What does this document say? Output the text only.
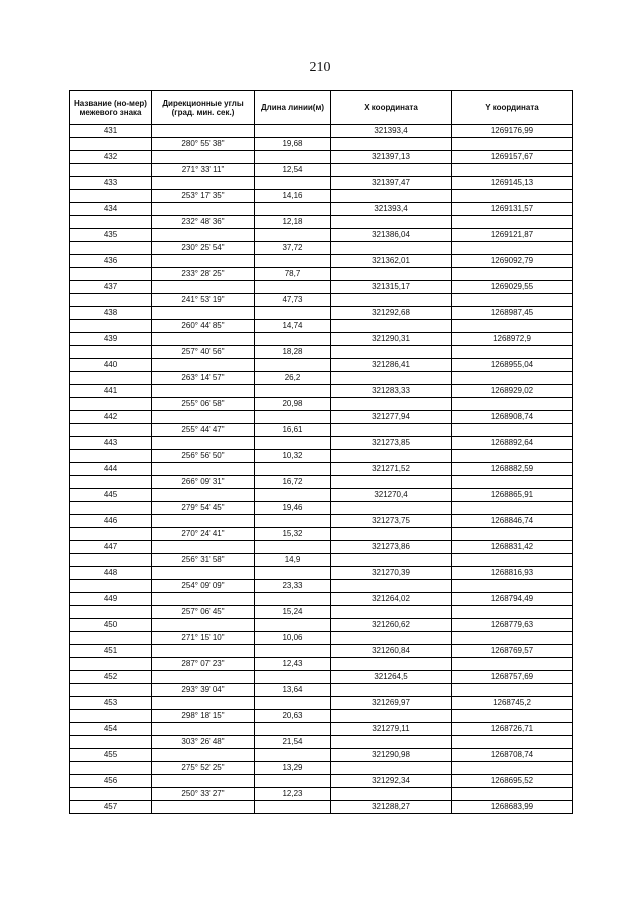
210
Название (но-мер) межевого знака	Дирекционные углы (град. мин. сек.)	Длина линии(м)	X координата	Y координата
431			321393,4	1269176,99
	280° 55' 38"	19,68		
432			321397,13	1269157,67
	271° 33' 11"	12,54		
433			321397,47	1269145,13
	253° 17' 35"	14,16		
434			321393,4	1269131,57
	232° 48' 36"	12,18		
435			321386,04	1269121,87
	230° 25' 54"	37,72		
436			321362,01	1269092,79
	233° 28' 25"	78,7		
437			321315,17	1269029,55
	241° 53' 19"	47,73		
438			321292,68	1268987,45
	260° 44' 85"	14,74		
439			321290,31	1268972,9
	257° 40' 56"	18,28		
440			321286,41	1268955,04
	263° 14' 57"	26,2		
441			321283,33	1268929,02
	255° 06' 58"	20,98		
442			321277,94	1268908,74
	255° 44' 47"	16,61		
443			321273,85	1268892,64
	256° 56' 50"	10,32		
444			321271,52	1268882,59
	266° 09' 31"	16,72		
445			321270,4	1268865,91
	279° 54' 45"	19,46		
446			321273,75	1268846,74
	270° 24' 41"	15,32		
447			321273,86	1268831,42
	256° 31' 58"	14,9		
448			321270,39	1268816,93
	254° 09' 09"	23,33		
449			321264,02	1268794,49
	257° 06' 45"	15,24		
450			321260,62	1268779,63
	271° 15' 10"	10,06		
451			321260,84	1268769,57
	287° 07' 23"	12,43		
452			321264,5	1268757,69
	293° 39' 04"	13,64		
453			321269,97	1268745,2
	298° 18' 15"	20,63		
454			321279,11	1268726,71
	303° 26' 48"	21,54		
455			321290,98	1268708,74
	275° 52' 25"	13,29		
456			321292,34	1268695,52
	250° 33' 27"	12,23		
457			321288,27	1268683,99
